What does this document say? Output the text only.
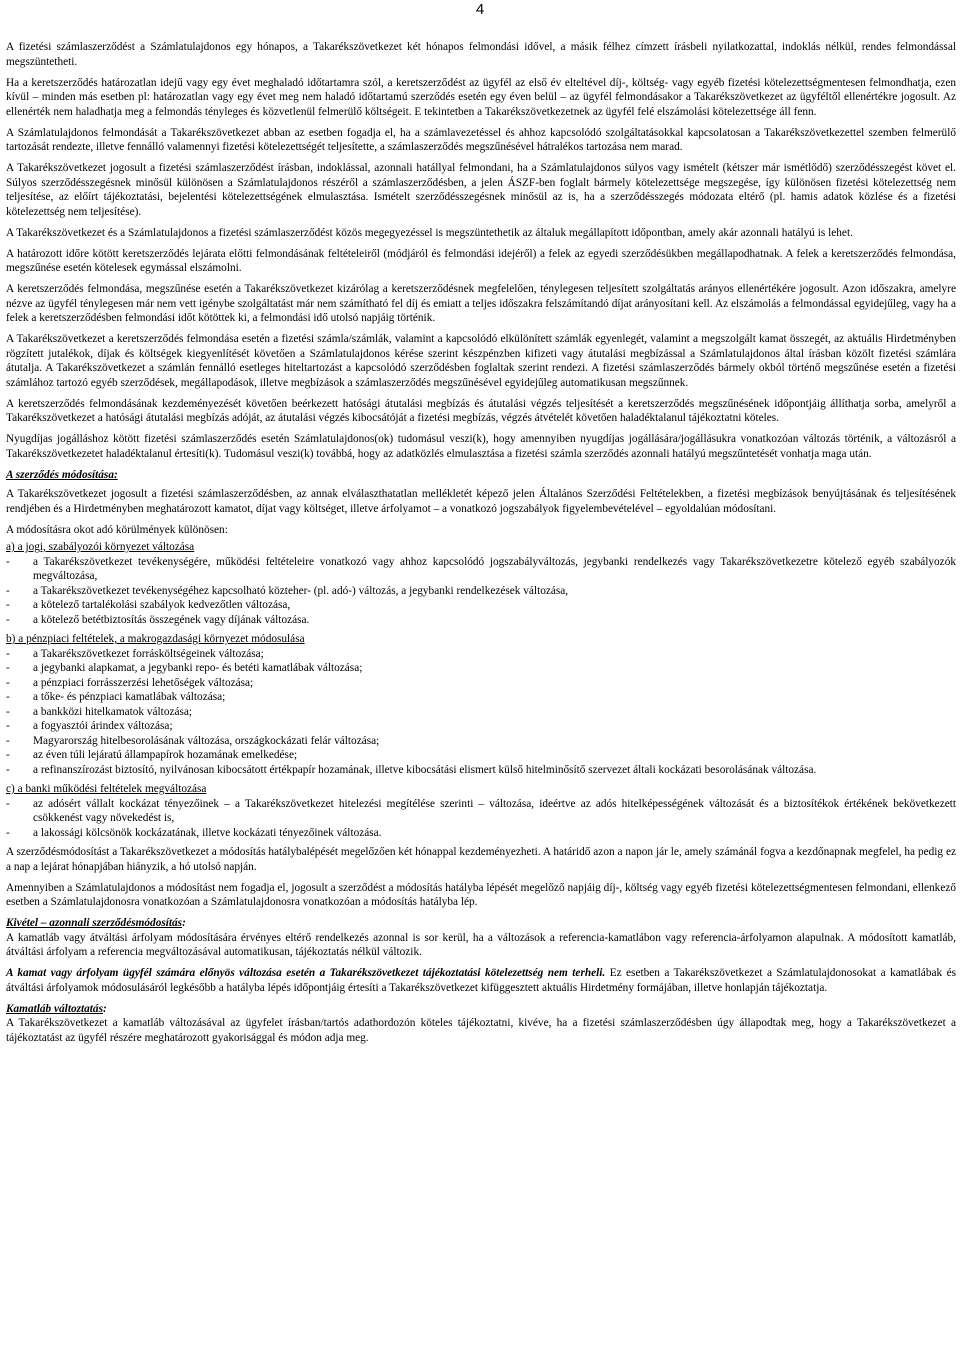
4

A fizetési számlaszerződést a Számlatulajdonos egy hónapos, a Takarékszövetkezet két hónapos felmondási idővel, a másik félhez címzett írásbeli nyilatkozattal, indoklás nélkül, rendes felmondással megszüntetheti.

Ha a keretszerződés határozatlan idejű vagy egy évet meghaladó időtartamra szól, a keretszerződést az ügyfél az első év elteltével díj-, költség- vagy egyéb fizetési kötelezettségmentesen felmondhatja, ezen kívül – minden más esetben pl: határozatlan vagy egy évet meg nem haladó időtartamú szerződés esetén egy éven belül – az ügyfél felmondásakor a Takarékszövetkezet az ügyféltől ellenértékre jogosult. Az ellenérték nem haladhatja meg a felmondás tényleges és közvetlenül felmerülő költségeit. E tekintetben a Takarékszövetkezetnek az ügyfél felé elszámolási kötelezettsége áll fenn.

A Számlatulajdonos felmondását a Takarékszövetkezet abban az esetben fogadja el, ha a számlavezetéssel és ahhoz kapcsolódó szolgáltatásokkal kapcsolatosan a Takarékszövetkezettel szemben felmerülő tartozását rendezte, illetve fennálló valamennyi fizetési kötelezettségét teljesítette, a számlaszerződés megszűnésével hátralékos tartozása nem marad.

A Takarékszövetkezet jogosult a fizetési számlaszerződést írásban, indoklással, azonnali hatállyal felmondani, ha a Számlatulajdonos súlyos vagy ismételt (kétszer már ismétlődő) szerződésszegést követ el. Súlyos szerződésszegésnek minősül különösen a Számlatulajdonos részéről a számlaszerződésben, a jelen ÁSZF-ben foglalt bármely kötelezettsége megszegése, így különösen fizetési kötelezettség nem teljesítése, az előírt tájékoztatási, bejelentési kötelezettségének elmulasztása. Ismételt szerződésszegésnek minősül az is, ha a szerződésszegés módozata eltérő (pl. hamis adatok közlése és a fizetési kötelezettség nem teljesítése).

A Takarékszövetkezet és a Számlatulajdonos a fizetési számlaszerződést közös megegyezéssel is megszüntethetik az általuk megállapított időpontban, amely akár azonnali hatályú is lehet.

A határozott időre kötött keretszerződés lejárata előtti felmondásának feltételeiről (módjáról és felmondási idejéről) a felek az egyedi szerződésükben megállapodhatnak. A felek a keretszerződés felmondása, megszűnése esetén kötelesek egymással elszámolni.

A keretszerződés felmondása, megszűnése esetén a Takarékszövetkezet kizárólag a keretszerződésnek megfelelően, ténylegesen teljesített szolgáltatás arányos ellenértékére jogosult. Azon időszakra, amelyre nézve az ügyfél ténylegesen már nem vett igénybe szolgáltatást már nem számítható fel díj és emiatt a teljes időszakra felszámítandó díjat arányosítani kell. Az elszámolás a felmondással egyidejűleg, vagy ha a felek a keretszerződésben felmondási időt kötöttek ki, a felmondási idő utolsó napjáig történik.

A Takarékszövetkezet a keretszerződés felmondása esetén a fizetési számla/számlák, valamint a kapcsolódó elkülönített számlák egyenlegét, valamint a megszolgált kamat összegét, az aktuális Hirdetményben rögzített jutalékok, díjak és költségek kiegyenlítését követően a Számlatulajdonos kérése szerint készpénzben kifizeti vagy átutalási megbízással a Számlatulajdonos által írásban közölt fizetési számlára átutalja. A Takarékszövetkezet a számlán fennálló esetleges hiteltartozást a kapcsolódó szerződésben foglaltak szerint rendezi. A fizetési számlaszerződés bármely okból történő megszűnése esetén a fizetési számlához tartozó egyéb szerződések, megállapodások, illetve megbízások a számlaszerződés megszűnésével egyidejűleg automatikusan megszűnnek.

A keretszerződés felmondásának kezdeményezését követően beérkezett hatósági átutalási megbízás és átutalási végzés teljesítését a keretszerződés megszűnésének időpontjáig állíthatja sorba, amelyről a Takarékszövetkezet a hatósági átutalási megbízás adóját, az átutalási végzés kibocsátóját a fizetési megbízás, végzés átvételét követően haladéktalanul tájékoztatni köteles.

Nyugdíjas jogálláshoz kötött fizetési számlaszerződés esetén Számlatulajdonos(ok) tudomásul veszi(k), hogy amennyiben nyugdíjas jogállására/jogállásukra vonatkozóan változás történik, a változásról a Takarékszövetkezetet haladéktalanul értesíti(k). Tudomásul veszi(k) továbbá, hogy az adatközlés elmulasztása a fizetési számla szerződés azonnali hatályú megszűntetését vonhatja maga után.

A szerződés módosítása:

A Takarékszövetkezet jogosult a fizetési számlaszerződésben, az annak elválaszthatatlan mellékletét képező jelen Általános Szerződési Feltételekben, a fizetési megbízások benyújtásának és teljesítésének rendjében és a Hirdetményben meghatározott kamatot, díjat vagy költséget, illetve árfolyamot – a vonatkozó jogszabályok figyelembevételével – egyoldalúan módosítani.

A módosításra okot adó körülmények különösen:

a) a jogi, szabályozói környezet változása

- a Takarékszövetkezet tevékenységére, működési feltételeire vonatkozó vagy ahhoz kapcsolódó jogszabályváltozás, jegybanki rendelkezés vagy Takarékszövetkezetre kötelező egyéb szabályozók megváltozása,
- a Takarékszövetkezet tevékenységéhez kapcsolható közteher- (pl. adó-) változás, a jegybanki rendelkezések változása,
- a kötelező tartalékolási szabályok kedvezőtlen változása,
- a kötelező betétbiztosítás összegének vagy díjának változása.

b) a pénzpiaci feltételek, a makrogazdasági környezet módosulása

- a Takarékszövetkezet forrásköltségeinek változása;
- a jegybanki alapkamat, a jegybanki repo- és betéti kamatlábak változása;
- a pénzpiaci forrásszerzési lehetőségek változása;
- a tőke- és pénzpiaci kamatlábak változása;
- a bankközi hitelkamatok változása;
- a fogyasztói árindex változása;
- Magyarország hitelbesorolásának változása, országkockázati felár változása;
- az éven túli lejáratú állampapírok hozamának emelkedése;
- a refinanszírozást biztosító, nyilvánosan kibocsátott értékpapír hozamának, illetve kibocsátási elismert külső hitelminősítő szervezet általi kockázati besorolásának változása.

c) a banki működési feltételek megváltozása

- az adósért vállalt kockázat tényezőinek – a Takarékszövetkezet hitelezési megítélése szerinti – változása, ideértve az adós hitelképességének változását és a biztosítékok értékének bekövetkezett csökkenést vagy növekedést is,
- a lakossági kölcsönök kockázatának, illetve kockázati tényezőinek változása.

A szerződésmódosítást a Takarékszövetkezet a módosítás hatálybalépését megelőzően két hónappal kezdeményezheti. A határidő azon a napon jár le, amely számánál fogva a kezdőnapnak megfelel, ha pedig ez a nap a lejárat hónapjában hiányzik, a hó utolsó napján.

Amennyiben a Számlatulajdonos a módosítást nem fogadja el, jogosult a szerződést a módosítás hatályba lépését megelőző napjáig díj-, költség vagy egyéb fizetési kötelezettségmentesen felmondani, ellenkező esetben a Számlatulajdonosra vonatkozóan a Számlatulajdonosra vonatkozóan a módosítás hatályba lép.

Kivétel – azonnali szerződésmódosítás:

A kamatláb vagy átváltási árfolyam módosítására érvényes eltérő rendelkezés azonnal is sor kerül, ha a változások a referencia-kamatlábon vagy referencia-árfolyamon alapulnak. A módosított kamatláb, átváltási árfolyam a referencia megváltozásával automatikusan, tájékoztatás nélkül változik.

A kamat vagy árfolyam ügyfél számára előnyös változása esetén a Takarékszövetkezet tájékoztatási kötelezettség nem terheli. Ez esetben a Takarékszövetkezet a Számlatulajdonosokat a kamatlábak és átváltási árfolyamok módosulásáról legkésőbb a hatályba lépés időpontjáig értesíti a Takarékszövetkezet kifüggesztett aktuális Hirdetmény formájában, illetve honlapján tájékoztatja.

Kamatláb változtatás:

A Takarékszövetkezet a kamatláb változásával az ügyfelet írásban/tartós adathordozón köteles tájékoztatni, kivéve, ha a fizetési számlaszerződésben úgy állapodtak meg, hogy a Takarékszövetkezet a tájékoztatást az ügyfél részére meghatározott gyakorisággal és módon adja meg.
